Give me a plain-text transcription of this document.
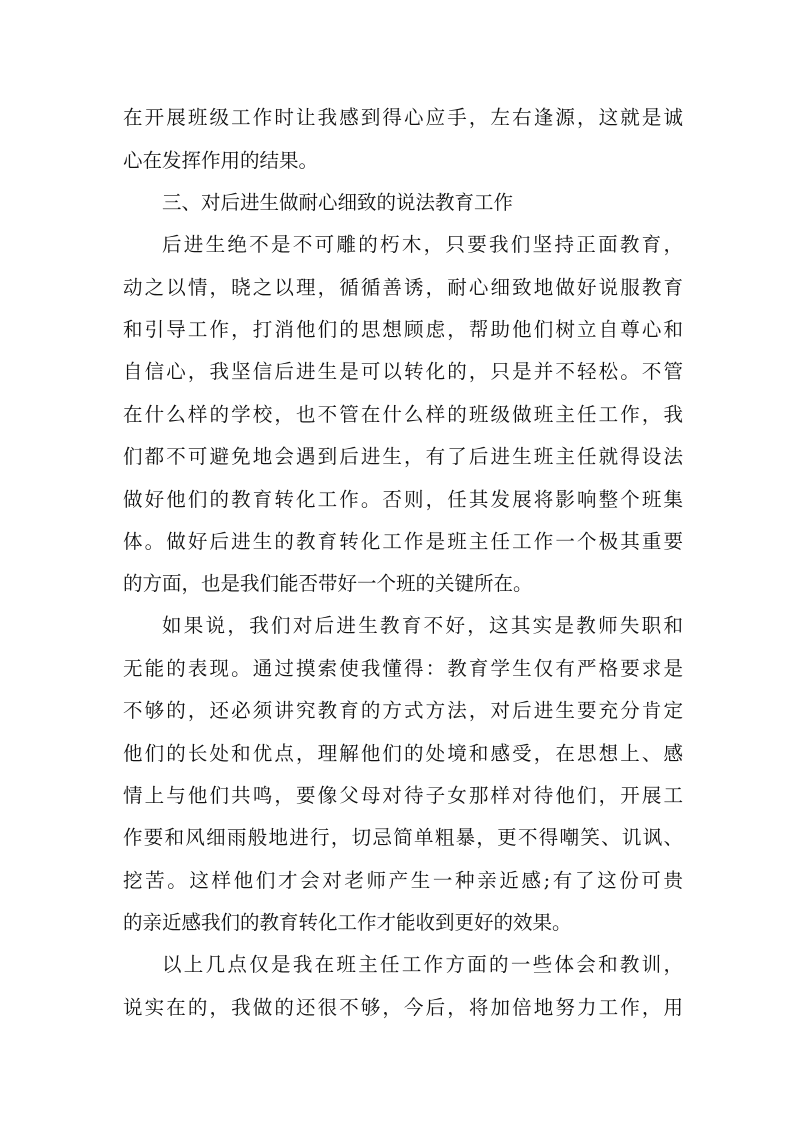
在开展班级工作时让我感到得心应手，左右逢源，这就是诚
心在发挥作用的结果。
三、对后进生做耐心细致的说法教育工作
后进生绝不是不可雕的朽木，只要我们坚持正面教育，
动之以情，晓之以理，循循善诱，耐心细致地做好说服教育
和引导工作，打消他们的思想顾虑，帮助他们树立自尊心和
自信心，我坚信后进生是可以转化的，只是并不轻松。不管
在什么样的学校，也不管在什么样的班级做班主任工作，我
们都不可避免地会遇到后进生，有了后进生班主任就得设法
做好他们的教育转化工作。否则，任其发展将影响整个班集
体。做好后进生的教育转化工作是班主任工作一个极其重要
的方面，也是我们能否带好一个班的关键所在。
如果说，我们对后进生教育不好，这其实是教师失职和
无能的表现。通过摸索使我懂得：教育学生仅有严格要求是
不够的，还必须讲究教育的方式方法，对后进生要充分肯定
他们的长处和优点，理解他们的处境和感受，在思想上、感
情上与他们共鸣，要像父母对待子女那样对待他们，开展工
作要和风细雨般地进行，切忌简单粗暴，更不得嘲笑、讥讽、
挖苦。这样他们才会对老师产生一种亲近感;有了这份可贵
的亲近感我们的教育转化工作才能收到更好的效果。
以上几点仅是我在班主任工作方面的一些体会和教训，
说实在的，我做的还很不够，今后，将加倍地努力工作，用
